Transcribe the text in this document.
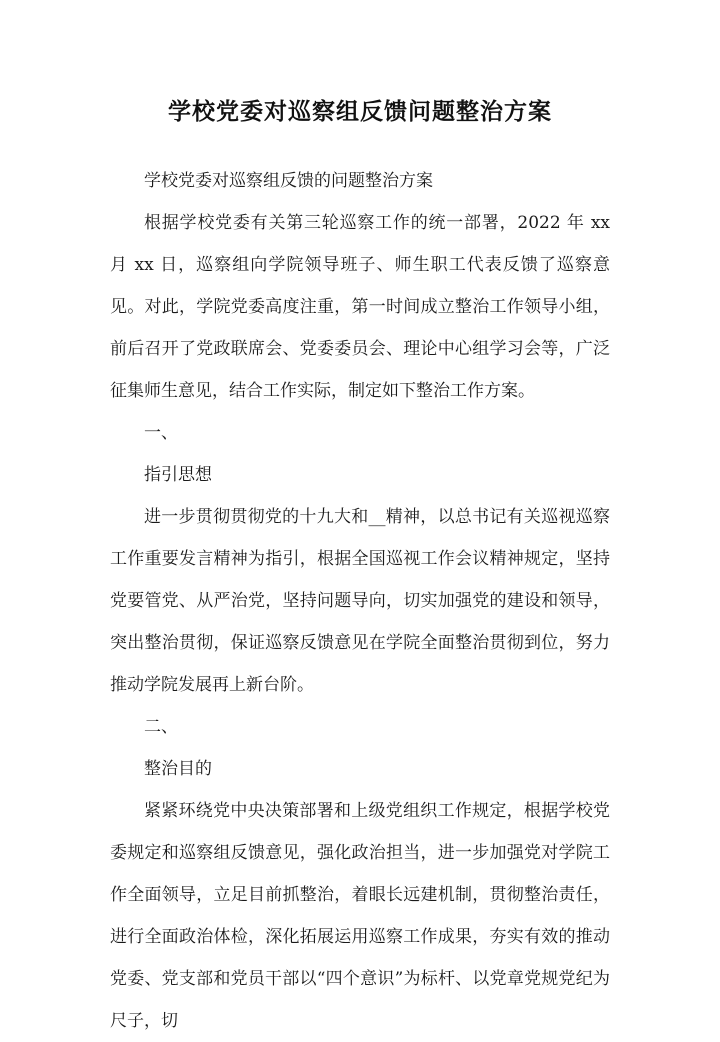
学校党委对巡察组反馈问题整治方案

学校党委对巡察组反馈的问题整治方案

根据学校党委有关第三轮巡察工作的统一部署，2022 年 xx 月 xx 日，巡察组向学院领导班子、师生职工代表反馈了巡察意见。对此，学院党委高度注重，第一时间成立整治工作领导小组，前后召开了党政联席会、党委委员会、理论中心组学习会等，广泛征集师生意见，结合工作实际，制定如下整治工作方案。

一、

指引思想

进一步贯彻贯彻党的十九大和__精神，以总书记有关巡视巡察工作重要发言精神为指引，根据全国巡视工作会议精神规定，坚持党要管党、从严治党，坚持问题导向，切实加强党的建设和领导，突出整治贯彻，保证巡察反馈意见在学院全面整治贯彻到位，努力推动学院发展再上新台阶。

二、

整治目的

紧紧环绕党中央决策部署和上级党组织工作规定，根据学校党委规定和巡察组反馈意见，强化政治担当，进一步加强党对学院工作全面领导，立足目前抓整治，着眼长远建机制，贯彻整治责任，进行全面政治体检，深化拓展运用巡察工作成果，夯实有效的推动党委、党支部和党员干部以“四个意识”为标杆、以党章党规党纪为尺子，切
